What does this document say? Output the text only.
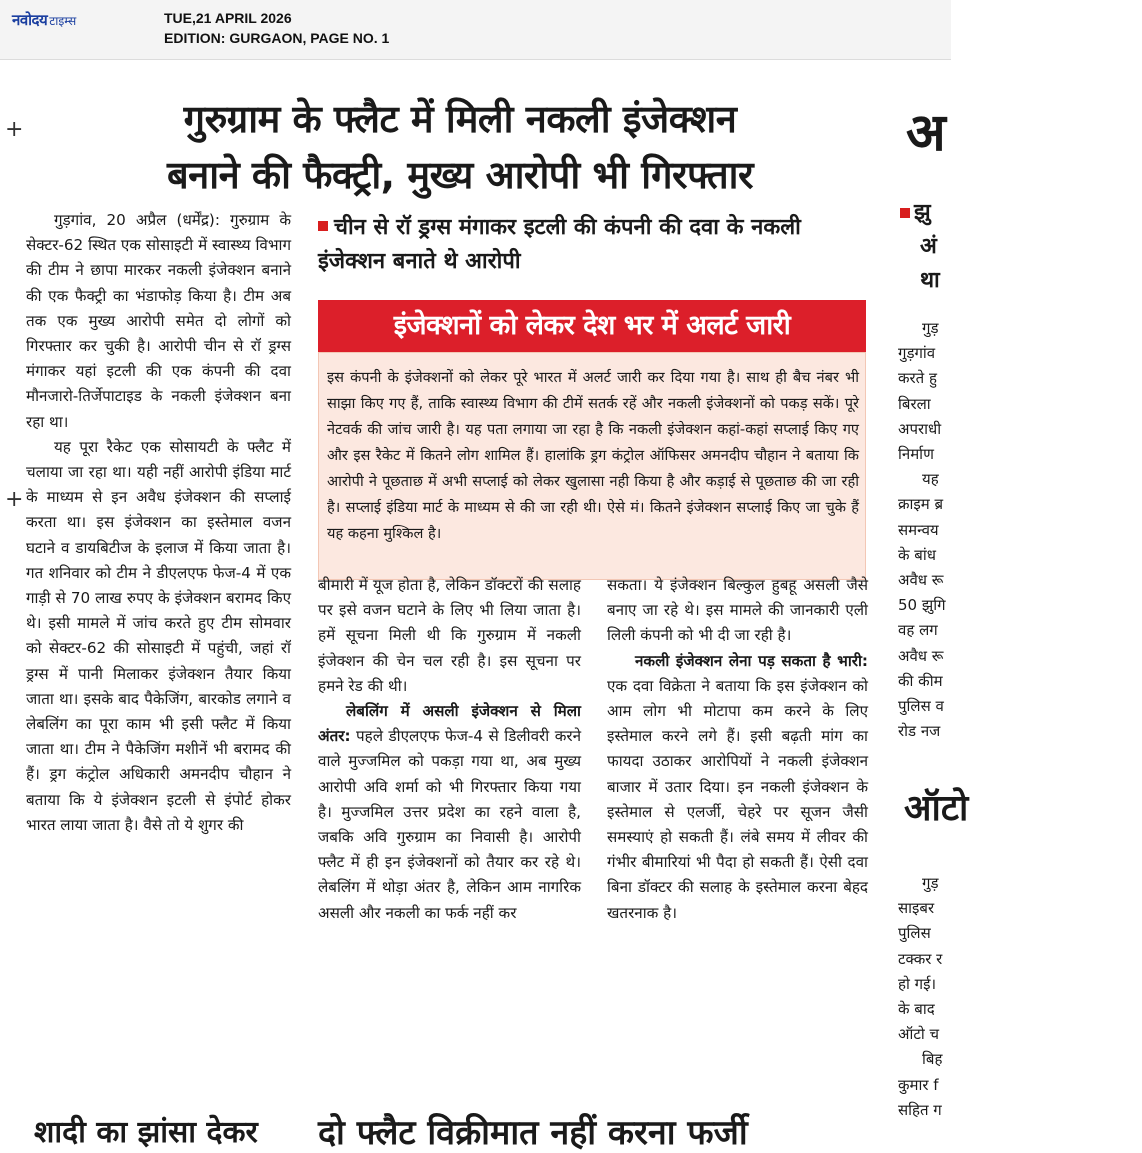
नवोदय टाइम्स	TUE,21 APRIL 2026
EDITION: GURGAON, PAGE NO. 1
+
+
गुरुग्राम के फ्लैट में मिली नकली इंजेक्शन
बनाने की फैक्ट्री, मुख्य आरोपी भी गिरफ्तार

गुड़गांव, 20 अप्रैल (धर्मेंद्र): गुरुग्राम के सेक्टर-62 स्थित एक सोसाइटी में स्वास्थ्य विभाग की टीम ने छापा मारकर नकली इंजेक्शन बनाने की एक फैक्ट्री का भंडाफोड़ किया है। टीम अब तक एक मुख्य आरोपी समेत दो लोगों को गिरफ्तार कर चुकी है। आरोपी चीन से रॉ ड्रग्स मंगाकर यहां इटली की एक कंपनी की दवा मौनजारो-तिर्जेपाटाइड के नकली इंजेक्शन बना रहा था।

यह पूरा रैकेट एक सोसायटी के फ्लैट में चलाया जा रहा था। यही नहीं आरोपी इंडिया मार्ट के माध्यम से इन अवैध इंजेक्शन की सप्लाई करता था। इस इंजेक्शन का इस्तेमाल वजन घटाने व डायबिटीज के इलाज में किया जाता है। गत शनिवार को टीम ने डीएलएफ फेज-4 में एक गाड़ी से 70 लाख रुपए के इंजेक्शन बरामद किए थे। इसी मामले में जांच करते हुए टीम सोमवार को सेक्टर-62 की सोसाइटी में पहुंची, जहां रॉ ड्रग्स में पानी मिलाकर इंजेक्शन तैयार किया जाता था। इसके बाद पैकेजिंग, बारकोड लगाने व लेबलिंग का पूरा काम भी इसी फ्लैट में किया जाता था। टीम ने पैकेजिंग मशीनें भी बरामद की हैं। ड्रग कंट्रोल अधिकारी अमनदीप चौहान ने बताया कि ये इंजेक्शन इटली से इंपोर्ट होकर भारत लाया जाता है। वैसे तो ये शुगर की

चीन से रॉ ड्रग्स मंगाकर इटली की कंपनी की दवा के नकली इंजेक्शन बनाते थे आरोपी
इंजेक्शनों को लेकर देश भर में अलर्ट जारी
इस कंपनी के इंजेक्शनों को लेकर पूरे भारत में अलर्ट जारी कर दिया गया है। साथ ही बैच नंबर भी साझा किए गए हैं, ताकि स्वास्थ्य विभाग की टीमें सतर्क रहें और नकली इंजेक्शनों को पकड़ सकें। पूरे नेटवर्क की जांच जारी है। यह पता लगाया जा रहा है कि नकली इंजेक्शन कहां-कहां सप्लाई किए गए और इस रैकेट में कितने लोग शामिल हैं। हालांकि ड्रग कंट्रोल ऑफिसर अमनदीप चौहान ने बताया कि आरोपी ने पूछताछ में अभी सप्लाई को लेकर खुलासा नही किया है और कड़ाई से पूछताछ की जा रही है। सप्लाई इंडिया मार्ट के माध्यम से की जा रही थी। ऐसे मं। कितने इंजेक्शन सप्लाई किए जा चुके हैं यह कहना मुश्किल है।

बीमारी में यूज होता है, लेकिन डॉक्टरों की सलाह पर इसे वजन घटाने के लिए भी लिया जाता है। हमें सूचना मिली थी कि गुरुग्राम में नकली इंजेक्शन की चेन चल रही है। इस सूचना पर हमने रेड की थी।

लेबलिंग में असली इंजेक्शन से मिला अंतर: पहले डीएलएफ फेज-4 से डिलीवरी करने वाले मुज्जमिल को पकड़ा गया था, अब मुख्य आरोपी अवि शर्मा को भी गिरफ्तार किया गया है। मुज्जमिल उत्तर प्रदेश का रहने वाला है, जबकि अवि गुरुग्राम का निवासी है। आरोपी फ्लैट में ही इन इंजेक्शनों को तैयार कर रहे थे। लेबलिंग में थोड़ा अंतर है, लेकिन आम नागरिक असली और नकली का फर्क नहीं कर

सकता। ये इंजेक्शन बिल्कुल हुबहू असली जैसे बनाए जा रहे थे। इस मामले की जानकारी एली लिली कंपनी को भी दी जा रही है।

नकली इंजेक्शन लेना पड़ सकता है भारी: एक दवा विक्रेता ने बताया कि इस इंजेक्शन को आम लोग भी मोटापा कम करने के लिए इस्तेमाल करने लगे हैं। इसी बढ़ती मांग का फायदा उठाकर आरोपियों ने नकली इंजेक्शन बाजार में उतार दिया। इन नकली इंजेक्शन के इस्तेमाल से एलर्जी, चेहरे पर सूजन जैसी समस्याएं हो सकती हैं। लंबे समय में लीवर की गंभीर बीमारियां भी पैदा हो सकती हैं। ऐसी दवा बिना डॉक्टर की सलाह के इस्तेमाल करना बेहद खतरनाक है।

अ
झु
अं
था
गुड़
गुड़गांव
करते हु
बिरला
अपराधी
निर्माण
यह
क्राइम ब्र
समन्वय
के बांध
अवैध रू
50 झुगि
वह लग
अवैध रू
की कीम
पुलिस व
रोड नज
ऑटो
गुड़
साइबर
पुलिस
टक्कर र
हो गई।
के बाद
ऑटो च
बिह
कुमार f
सहित ग
शादी का झांसा देकर दो फ्लैट विक्रीमात नहीं करना फर्जी
